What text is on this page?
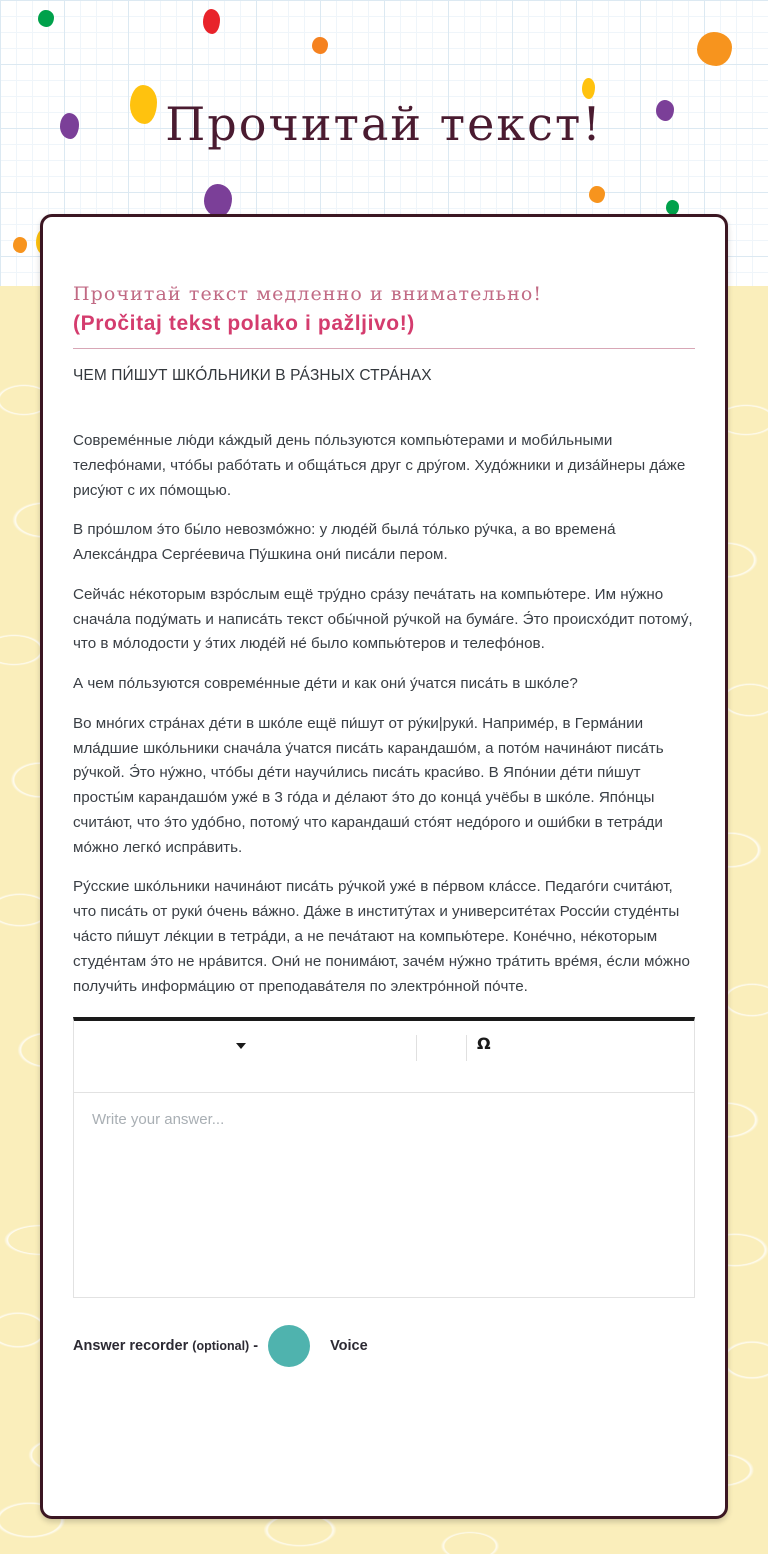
Прочитай текст!
Прочитай текст медленно и внимательно!
(Pročitaj tekst polako i pažljivo!)
ЧЕМ ПИ́ШУТ ШКО́ЛЬНИКИ В РА́ЗНЫХ СТРА́НАХ

Совреме́нные лю́ди ка́ждый день по́льзуются компью́терами и моби́льными телефо́нами, что́бы рабо́тать и обща́ться друг с дру́гом. Худо́жники и диза́йнеры да́же рису́ют с их по́мощью.

В про́шлом э́то бы́ло невозмо́жно: у люде́й была́ то́лько ру́чка, а во времена́ Алекса́ндра Серге́евича Пу́шкина они́ писа́ли пером.

Сейча́с не́которым взро́слым ещё тру́дно сра́зу печа́тать на компью́тере. Им ну́жно снача́ла поду́мать и написа́ть текст обы́чной ру́чкой на бума́ге. Э́то происхо́дит потому́, что в мо́лодости у э́тих люде́й не́ было компью́теров и телефо́нов.

А чем по́льзуются совреме́нные де́ти и как они́ у́чатся писа́ть в шко́ле?

Во мно́гих стра́нах де́ти в шко́ле ещё пи́шут от ру́ки|руки́. Наприме́р, в Герма́нии мла́дшие шко́льники снача́ла у́чатся писа́ть карандашо́м, а пото́м начина́ют писа́ть ру́чкой. Э́то ну́жно, что́бы де́ти научи́лись писа́ть краси́во. В Япо́нии де́ти пи́шут просты́м карандашо́м уже́ в 3 го́да и де́лают э́то до конца́ учёбы в шко́ле. Япо́нцы счита́ют, что э́то удо́бно, потому́ что карандаши́ сто́ят недо́рого и оши́бки в тетра́ди мо́жно легко́ испра́вить.

Ру́сские шко́льники начина́ют писа́ть ру́чкой уже́ в пе́рвом кла́ссе. Педаго́ги счита́ют, что писа́ть от руки́ о́чень ва́жно. Да́же в институ́тах и университе́тах Росси́и студе́нты ча́сто пи́шут ле́кции в тетра́ди, а не печа́тают на компью́тере. Коне́чно, не́которым студе́нтам э́то не нра́вится. Они́ не понима́ют, заче́м ну́жно тра́тить вре́мя, е́сли мо́жно получи́ть информа́цию от преподава́теля по электро́нной по́чте.

Ω
Write your answer...
Answer recorder (optional) -	Voice
